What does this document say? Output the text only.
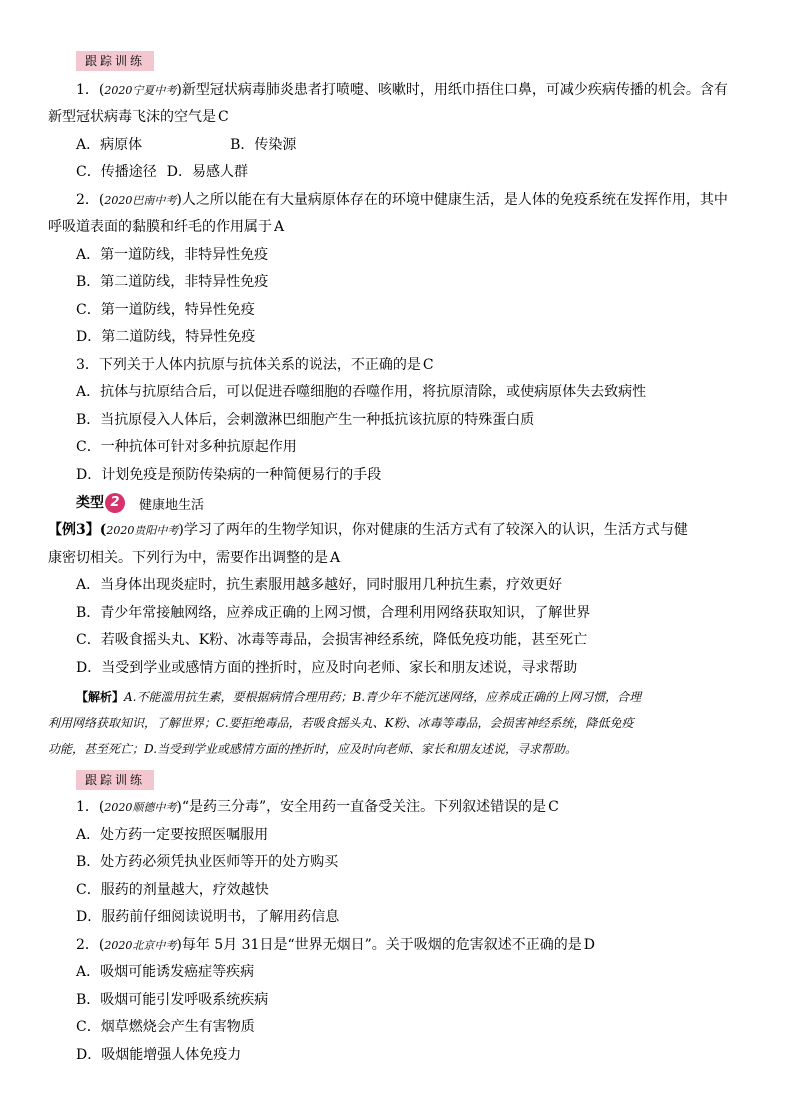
跟踪训练
1．(2020宁夏中考)新型冠状病毒肺炎患者打喷嚏、咳嗽时，用纸巾捂住口鼻，可减少疾病传播的机会。含有
新型冠状病毒飞沫的空气是 C
A．病原体	B．传染源
C．传播途径 D．易感人群
2．(2020巴南中考)人之所以能在有大量病原体存在的环境中健康生活，是人体的免疫系统在发挥作用，其中
呼吸道表面的黏膜和纤毛的作用属于 A
A．第一道防线，非特异性免疫
B．第二道防线，非特异性免疫
C．第一道防线，特异性免疫
D．第二道防线，特异性免疫
3．下列关于人体内抗原与抗体关系的说法，不正确的是 C
A．抗体与抗原结合后，可以促进吞噬细胞的吞噬作用，将抗原清除，或使病原体失去致病性
B．当抗原侵入人体后，会刺激淋巴细胞产生一种抵抗该抗原的特殊蛋白质
C．一种抗体可针对多种抗原起作用
D．计划免疫是预防传染病的一种简便易行的手段
类型 2 健康地生活
【例3】(2020贵阳中考)学习了两年的生物学知识，你对健康的生活方式有了较深入的认识，生活方式与健
康密切相关。下列行为中，需要作出调整的是 A
A．当身体出现炎症时，抗生素服用越多越好，同时服用几种抗生素，疗效更好
B．青少年常接触网络，应养成正确的上网习惯，合理利用网络获取知识，了解世界
C．若吸食摇头丸、K粉、冰毒等毒品，会损害神经系统，降低免疫功能，甚至死亡
D．当受到学业或感情方面的挫折时，应及时向老师、家长和朋友述说，寻求帮助
【解析】A.不能滥用抗生素，要根据病情合理用药；B.青少年不能沉迷网络，应养成正确的上网习惯，合理
利用网络获取知识，了解世界；C.要拒绝毒品，若吸食摇头丸、K粉、冰毒等毒品，会损害神经系统，降低免疫
功能，甚至死亡；D.当受到学业或感情方面的挫折时，应及时向老师、家长和朋友述说，寻求帮助。
跟踪训练
1．(2020顺德中考)“是药三分毒”，安全用药一直备受关注。下列叙述错误的是 C
A．处方药一定要按照医嘱服用
B．处方药必须凭执业医师等开的处方购买
C．服药的剂量越大，疗效越快
D．服药前仔细阅读说明书，了解用药信息
2．(2020北京中考)每年 5月 31日是“世界无烟日”。关于吸烟的危害叙述不正确的是 D
A．吸烟可能诱发癌症等疾病
B．吸烟可能引发呼吸系统疾病
C．烟草燃烧会产生有害物质
D．吸烟能增强人体免疫力
